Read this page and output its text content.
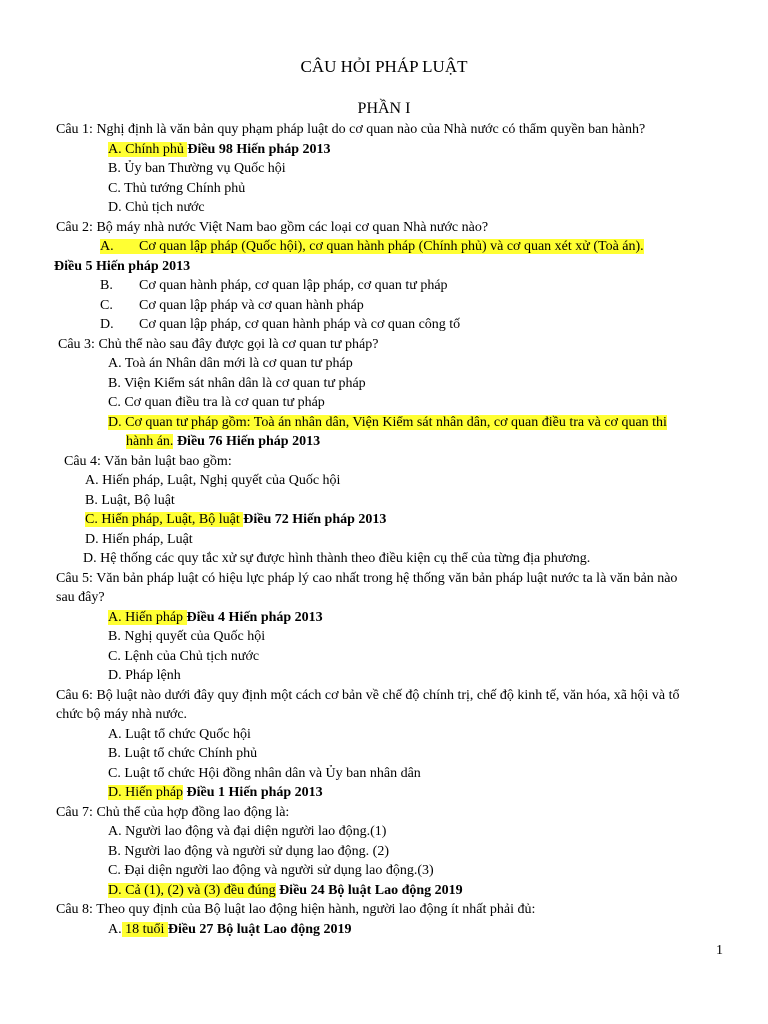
CÂU HỎI PHÁP LUẬT
PHẦN I
Câu 1: Nghị định là văn bản quy phạm pháp luật do cơ quan nào của Nhà nước có thẩm quyền ban hành?
A. Chính phủ Điều 98 Hiến pháp 2013
B. Ủy ban Thường vụ Quốc hội
C. Thủ tướng Chính phủ
D. Chủ tịch nước
Câu 2: Bộ máy nhà nước Việt Nam bao gồm các loại cơ quan Nhà nước nào?
A. Cơ quan lập pháp (Quốc hội), cơ quan hành pháp (Chính phủ) và cơ quan xét xử (Toà án).
Điều 5 Hiến pháp 2013
B. Cơ quan hành pháp, cơ quan lập pháp, cơ quan tư pháp
C. Cơ quan lập pháp và cơ quan hành pháp
D. Cơ quan lập pháp, cơ quan hành pháp và cơ quan công tố
Câu 3: Chủ thể nào sau đây được gọi là cơ quan tư pháp?
A. Toà án Nhân dân mới là cơ quan tư pháp
B. Viện Kiểm sát nhân dân là cơ quan tư pháp
C. Cơ quan điều tra là cơ quan tư pháp
D. Cơ quan tư pháp gồm: Toà án nhân dân, Viện Kiểm sát nhân dân, cơ quan điều tra và cơ quan thi
hành án. Điều 76 Hiến pháp 2013
Câu 4: Văn bản luật bao gồm:
A. Hiến pháp, Luật, Nghị quyết của Quốc hội
B. Luật, Bộ luật
C. Hiến pháp, Luật, Bộ luật Điều 72 Hiến pháp 2013
D. Hiến pháp, Luật
D. Hệ thống các quy tắc xử sự được hình thành theo điều kiện cụ thể của từng địa phương.
Câu 5: Văn bản pháp luật có hiệu lực pháp lý cao nhất trong hệ thống văn bản pháp luật nước ta là văn bản nào
sau đây?
A. Hiến pháp Điều 4 Hiến pháp 2013
B. Nghị quyết của Quốc hội
C. Lệnh của Chủ tịch nước
D. Pháp lệnh
Câu 6: Bộ luật nào dưới đây quy định một cách cơ bản về chế độ chính trị, chế độ kinh tế, văn hóa, xã hội và tổ
chức bộ máy nhà nước.
A. Luật tổ chức Quốc hội
B. Luật tổ chức Chính phủ
C. Luật tổ chức Hội đồng nhân dân và Ủy ban nhân dân
D. Hiến pháp Điều 1 Hiến pháp 2013
Câu 7: Chủ thể của hợp đồng lao động là:
A. Người lao động và đại diện người lao động.(1)
B. Người lao động và người sử dụng lao động. (2)
C. Đại diện người lao động và người sử dụng lao động.(3)
D. Cả (1), (2) và (3) đều đúng Điều 24 Bộ luật Lao động 2019
Câu 8: Theo quy định của Bộ luật lao động hiện hành, người lao động ít nhất phải đủ:
A. 18 tuổi Điều 27 Bộ luật Lao động 2019
1
